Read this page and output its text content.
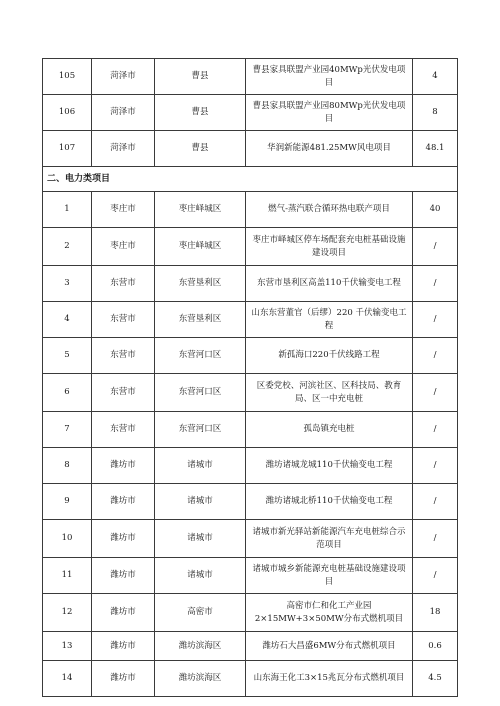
105	菏泽市	曹县	曹县家具联盟产业园40MWp光伏发电项目	4
106	菏泽市	曹县	曹县家具联盟产业园80MWp光伏发电项目	8
107	菏泽市	曹县	华润新能源481.25MW风电项目	48.1
二、电力类项目				
1	枣庄市	枣庄峄城区	燃气-蒸汽联合循环热电联产项目	40
2	枣庄市	枣庄峄城区	枣庄市峄城区停车场配套充电桩基础设施建设项目	/
3	东营市	东营垦利区	东营市垦利区高盖110千伏输变电工程	/
4	东营市	东营垦利区	山东东营董官（后缪）220 千伏输变电工程	/
5	东营市	东营河口区	新孤海口220千伏线路工程	/
6	东营市	东营河口区	区委党校、河滨社区、区科技局、教育局、区一中充电桩	/
7	东营市	东营河口区	孤岛镇充电桩	/
8	潍坊市	诸城市	潍坊诸城龙城110千伏输变电工程	/
9	潍坊市	诸城市	潍坊诸城北桥110千伏输变电工程	/
10	潍坊市	诸城市	诸城市新光驿站新能源汽车充电桩综合示范项目	/
11	潍坊市	诸城市	诸城市城乡新能源充电桩基础设施建设项目	/
12	潍坊市	高密市	高密市仁和化工产业园2×15MW+3×50MW分布式燃机项目	18
13	潍坊市	潍坊滨海区	潍坊石大昌盛6MW分布式燃机项目	0.6
14	潍坊市	潍坊滨海区	山东海王化工3×15兆瓦分布式燃机项目	4.5
